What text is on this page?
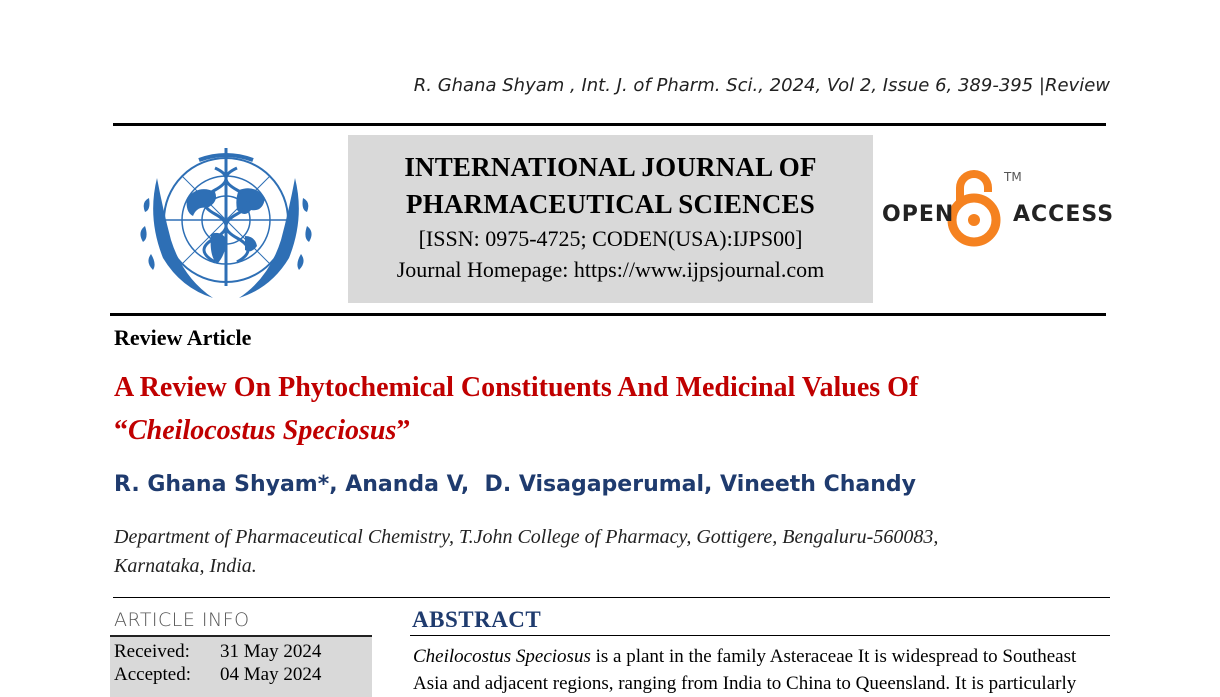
R. Ghana Shyam , Int. J. of Pharm. Sci., 2024, Vol 2, Issue 6, 389-395 |Review
INTERNATIONAL JOURNAL OF
PHARMACEUTICAL SCIENCES
[ISSN: 0975-4725; CODEN(USA):IJPS00]
Journal Homepage: https://www.ijpsjournal.com
OPEN	ACCESS
TM
Review Article
A Review On Phytochemical Constituents And Medicinal Values Of
“Cheilocostus Speciosus”
R. Ghana Shyam*, Ananda V,  D. Visagaperumal, Vineeth Chandy
Department of Pharmaceutical Chemistry, T.John College of Pharmacy, Gottigere, Bengaluru-560083,
Karnataka, India.
ARTICLE INFO
Received: 31 May 2024
Accepted: 04 May 2024
ABSTRACT
Cheilocostus Speciosus is a plant in the family Asteraceae It is widespread to Southeast
Asia and adjacent regions, ranging from India to China to Queensland. It is particularly
